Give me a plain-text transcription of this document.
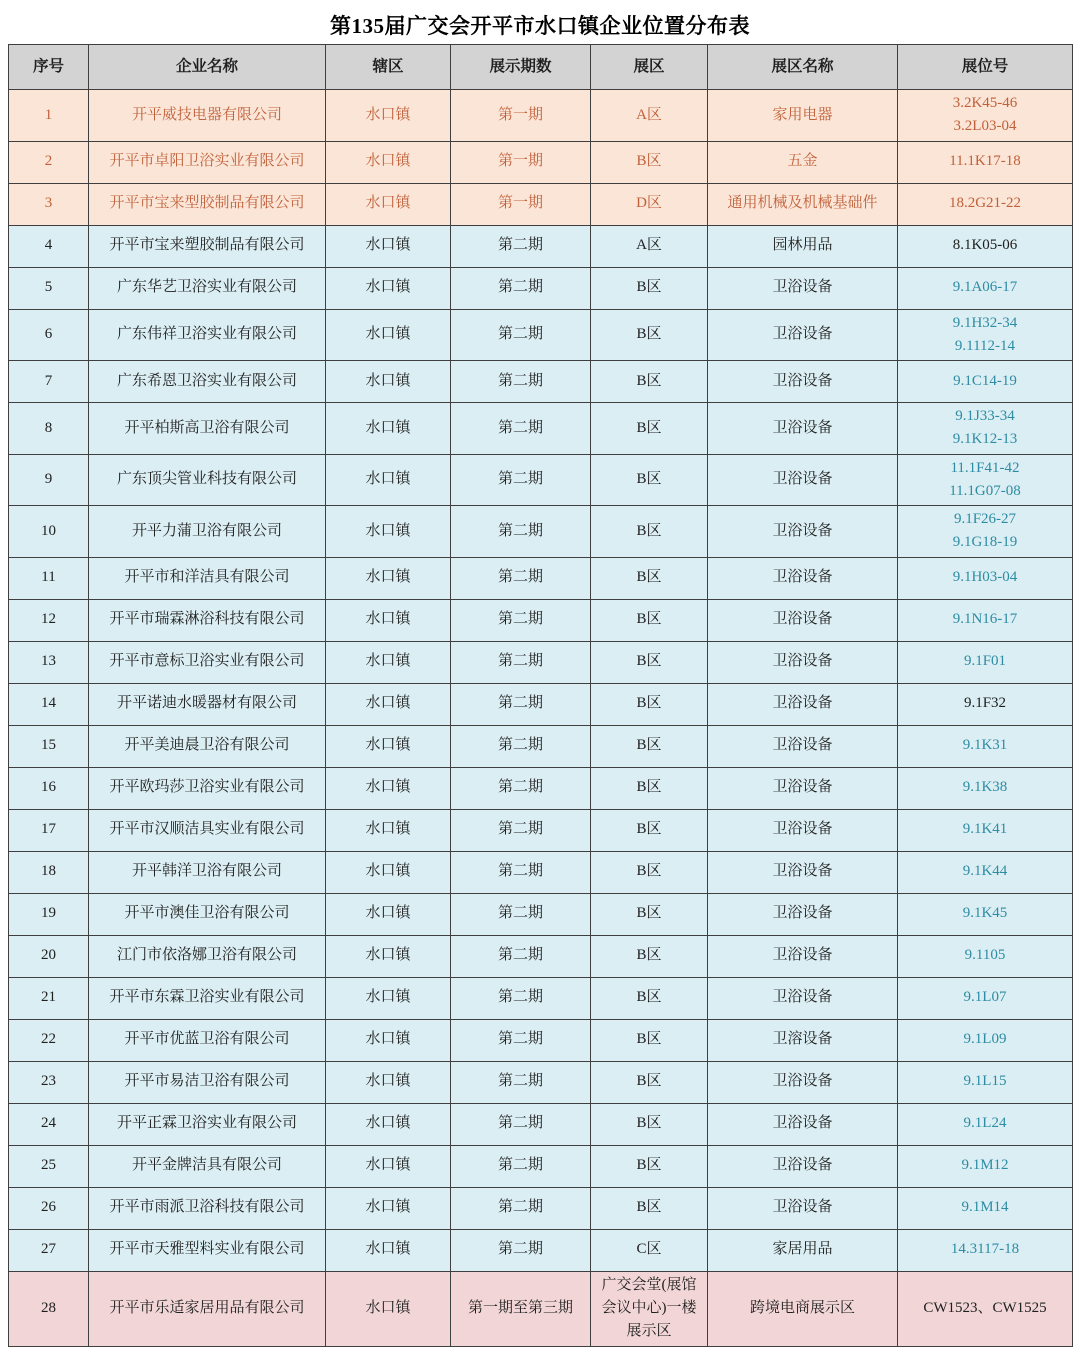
第135届广交会开平市水口镇企业位置分布表
序号	企业名称	辖区	展示期数	展区	展区名称	展位号
1	开平威技电器有限公司	水口镇	第一期	A区	家用电器	3.2K45-46
3.2L03-04

2	开平市卓阳卫浴实业有限公司	水口镇	第一期	B区	五金	11.1K17-18

3	开平市宝来型胶制品有限公司	水口镇	第一期	D区	通用机械及机械基础件	18.2G21-22

4	开平市宝来塑胶制品有限公司	水口镇	第二期	A区	园林用品	8.1K05-06

5	广东华艺卫浴实业有限公司	水口镇	第二期	B区	卫浴设备	9.1A06-17

6	广东伟祥卫浴实业有限公司	水口镇	第二期	B区	卫浴设备	9.1H32-34
9.1112-14

7	广东希恩卫浴实业有限公司	水口镇	第二期	B区	卫浴设备	9.1C14-19

8	开平柏斯高卫浴有限公司	水口镇	第二期	B区	卫浴设备	9.1J33-34
9.1K12-13

9	广东顶尖管业科技有限公司	水口镇	第二期	B区	卫浴设备	11.1F41-42
11.1G07-08

10	开平力蒲卫浴有限公司	水口镇	第二期	B区	卫浴设备	9.1F26-27
9.1G18-19

11	开平市和洋洁具有限公司	水口镇	第二期	B区	卫浴设备	9.1H03-04

12	开平市瑞霖淋浴科技有限公司	水口镇	第二期	B区	卫浴设备	9.1N16-17

13	开平市意标卫浴实业有限公司	水口镇	第二期	B区	卫浴设备	9.1F01

14	开平诺迪水暖器材有限公司	水口镇	第二期	B区	卫浴设备	9.1F32

15	开平美迪晨卫浴有限公司	水口镇	第二期	B区	卫浴设备	9.1K31

16	开平欧玛莎卫浴实业有限公司	水口镇	第二期	B区	卫浴设备	9.1K38

17	开平市汉顺洁具实业有限公司	水口镇	第二期	B区	卫浴设备	9.1K41

18	开平韩洋卫浴有限公司	水口镇	第二期	B区	卫浴设备	9.1K44

19	开平市澳佳卫浴有限公司	水口镇	第二期	B区	卫浴设备	9.1K45

20	江门市依洛娜卫浴有限公司	水口镇	第二期	B区	卫浴设备	9.1105

21	开平市东霖卫浴实业有限公司	水口镇	第二期	B区	卫浴设备	9.1L07

22	开平市优蓝卫浴有限公司	水口镇	第二期	B区	卫溶设备	9.1L09

23	开平市易洁卫浴有限公司	水口镇	第二期	B区	卫浴设备	9.1L15

24	开平正霖卫浴实业有限公司	水口镇	第二期	B区	卫浴设备	9.1L24

25	开平金牌洁具有限公司	水口镇	第二期	B区	卫浴设备	9.1M12

26	开平市雨派卫浴科技有限公司	水口镇	第二期	B区	卫浴设备	9.1M14

27	开平市天雅型料实业有限公司	水口镇	第二期	C区	家居用品	14.3117-18

28	开平市乐适家居用品有限公司	水口镇	第一期至第三期	广交会堂(展馆会议中心)一楼展示区	跨境电商展示区	CW1523、CW1525
